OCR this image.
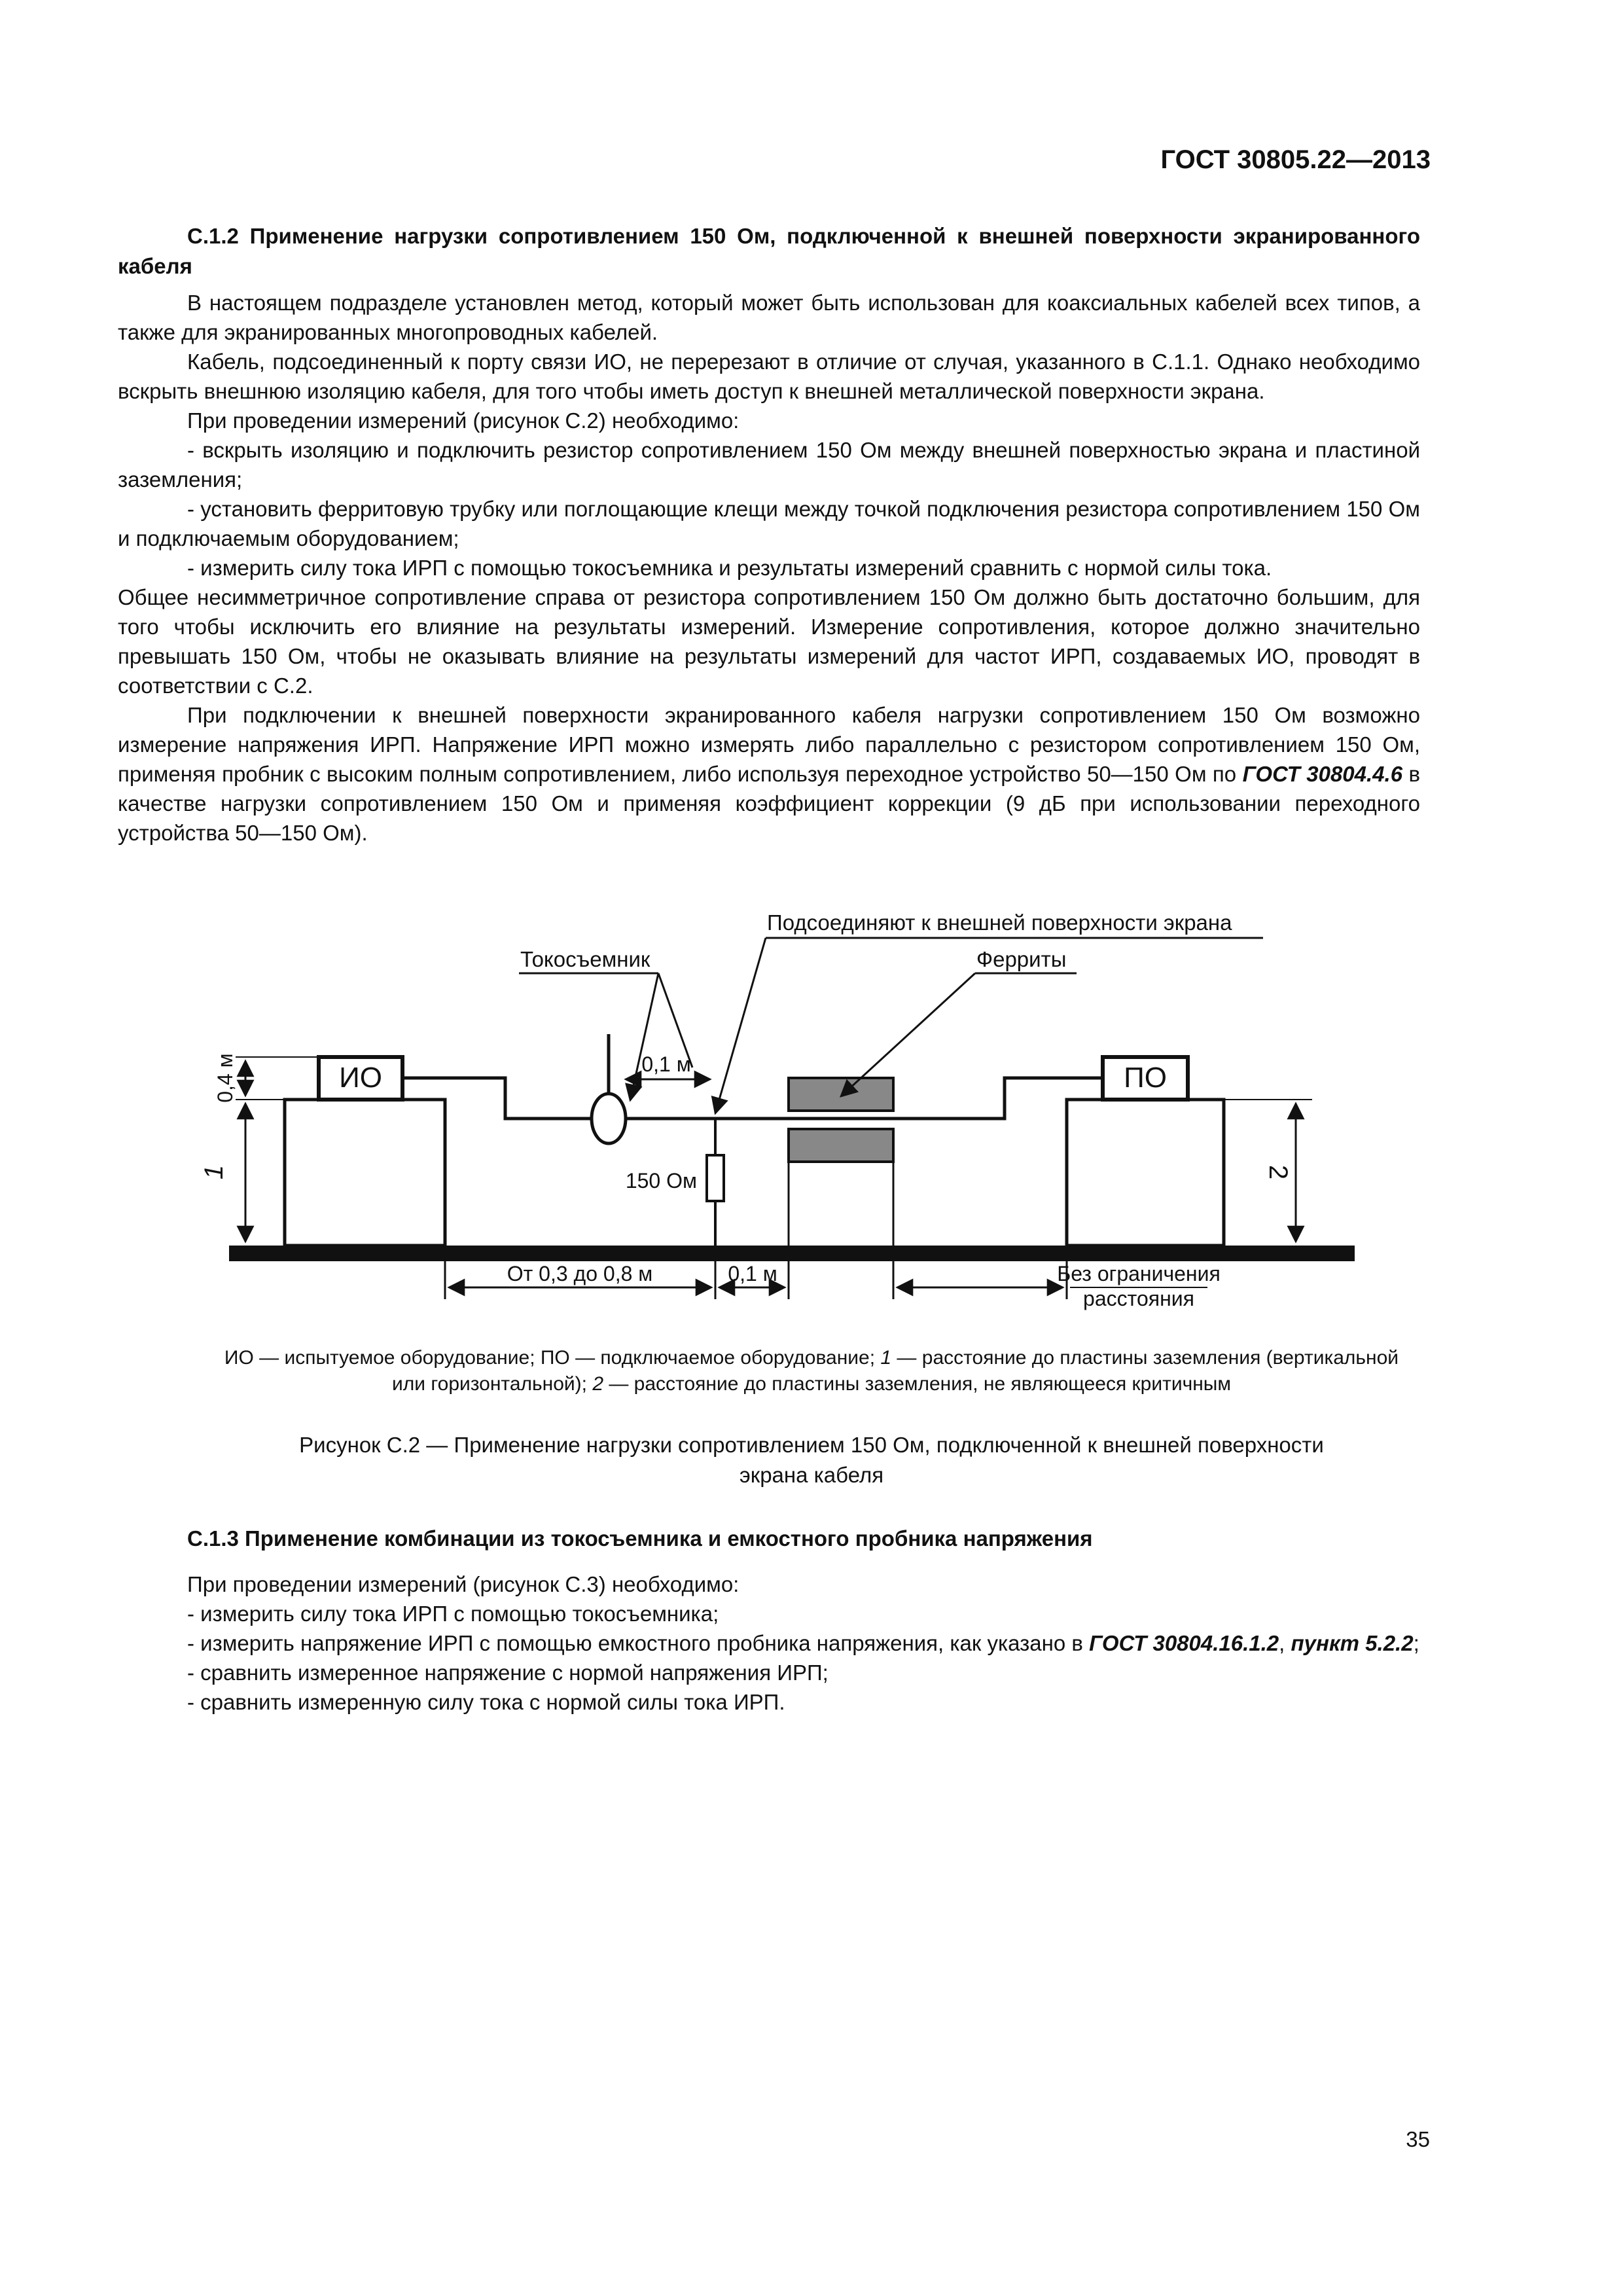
ГОСТ 30805.22—2013
С.1.2 Применение нагрузки сопротивлением 150 Ом, подключенной к внешней поверхности экранированного кабеля

В настоящем подразделе установлен метод, который может быть использован для коаксиальных кабелей всех типов, а также для экранированных многопроводных кабелей.

Кабель, подсоединенный к порту связи ИО, не перерезают в отличие от случая, указанного в С.1.1. Однако необходимо вскрыть внешнюю изоляцию кабеля, для того чтобы иметь доступ к внешней металлической поверхности экрана.

При проведении измерений (рисунок С.2) необходимо:

- вскрыть изоляцию и подключить резистор сопротивлением 150 Ом между внешней поверхностью экрана и пластиной заземления;

- установить ферритовую трубку или поглощающие клещи между точкой подключения резистора сопротивлением 150 Ом и подключаемым оборудованием;

- измерить силу тока ИРП с помощью токосъемника и результаты измерений сравнить с нормой силы тока.

Общее несимметричное сопротивление справа от резистора сопротивлением 150 Ом должно быть достаточно большим, для того чтобы исключить его влияние на результаты измерений. Измерение сопротивления, которое должно значительно превышать 150 Ом, чтобы не оказывать влияние на результаты измерений для частот ИРП, создаваемых ИО, проводят в соответствии с С.2.

При подключении к внешней поверхности экранированного кабеля нагрузки сопротивлением 150 Ом возможно измерение напряжения ИРП. Напряжение ИРП можно измерять либо параллельно с резистором сопротивлением 150 Ом, применяя пробник с высоким полным сопротивлением, либо используя переходное устройство 50—150 Ом по ГОСТ 30804.4.6 в качестве нагрузки сопротивлением 150 Ом и применяя коэффициент коррекции (9 дБ при использовании переходного устройства 50—150 Ом).

ИО	ПО
150 Ом
Подсоединяют к внешней поверхности экрана
Токосъемник	Ферриты
0,1 м
0,4 м
1	2
От 0,3 до 0,8 м	0,1 м	Без ограничения
расстояния
ИО — испытуемое оборудование; ПО — подключаемое оборудование; 1 — расстояние до пластины заземления (вертикальной
или горизонтальной); 2 — расстояние до пластины заземления, не являющееся критичным
Рисунок С.2 — Применение нагрузки сопротивлением 150 Ом, подключенной к внешней поверхности
экрана кабеля
С.1.3 Применение комбинации из токосъемника и емкостного пробника напряжения

При проведении измерений (рисунок С.3) необходимо:

- измерить силу тока ИРП с помощью токосъемника;

- измерить напряжение ИРП с помощью емкостного пробника напряжения, как указано в ГОСТ 30804.16.1.2, пункт 5.2.2;

- сравнить измеренное напряжение с нормой напряжения ИРП;

- сравнить измеренную силу тока с нормой силы тока ИРП.

35
